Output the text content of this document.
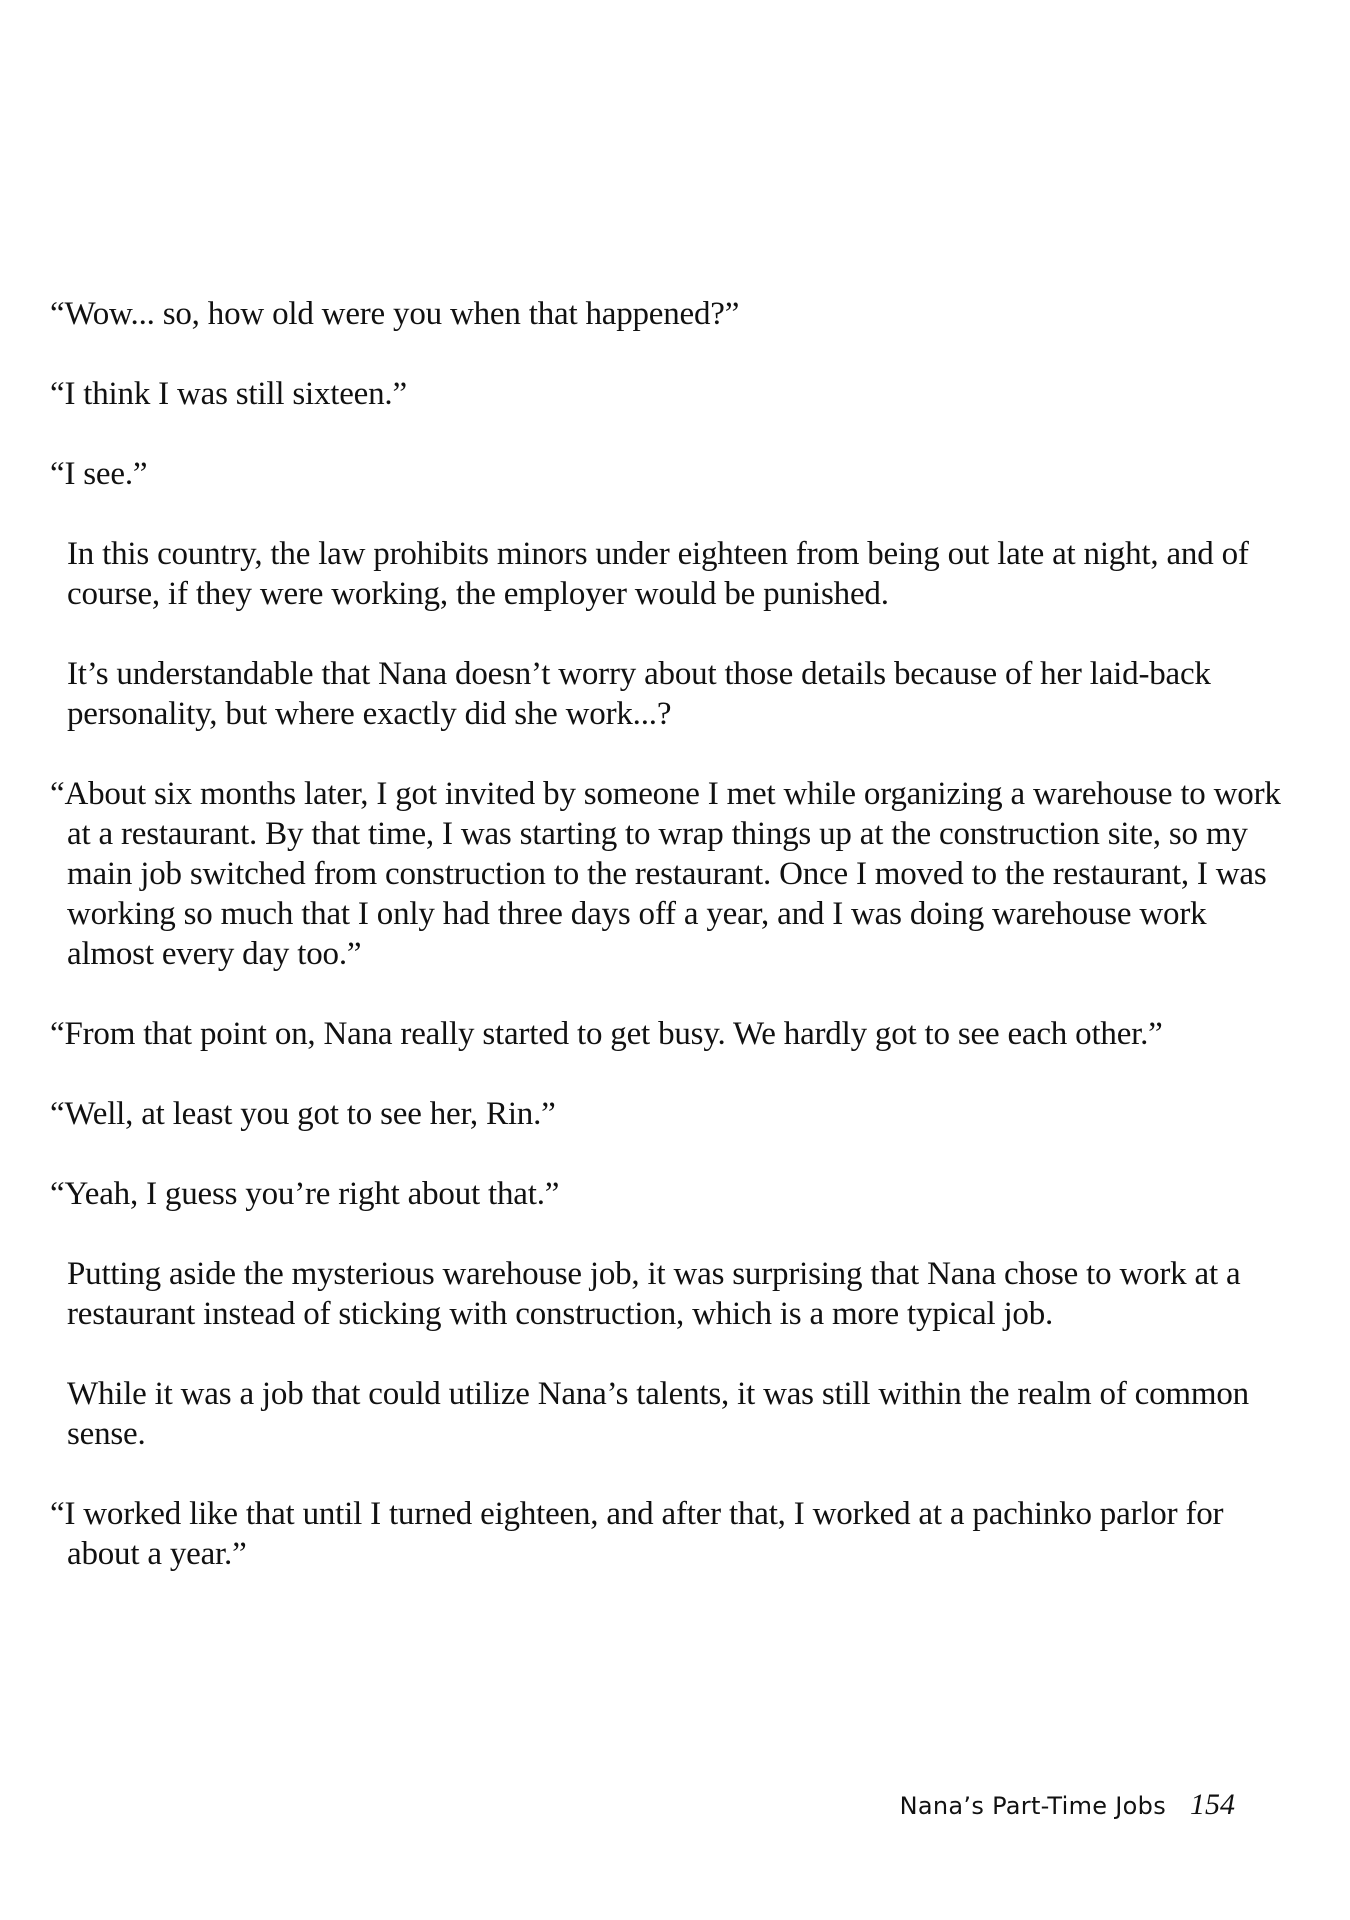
“Wow... so, how old were you when that happened?”

“I think I was still sixteen.”

“I see.”

In this country, the law prohibits minors under eighteen from being out late at night, and of course, if they were working, the employer would be punished.

It’s understandable that Nana doesn’t worry about those details because of her laid-back personality, but where exactly did she work...?

“About six months later, I got invited by someone I met while organizing a warehouse to work at a restaurant. By that time, I was starting to wrap things up at the construction site, so my main job switched from construction to the restaurant. Once I moved to the restaurant, I was working so much that I only had three days off a year, and I was doing warehouse work almost every day too.”

“From that point on, Nana really started to get busy. We hardly got to see each other.”

“Well, at least you got to see her, Rin.”

“Yeah, I guess you’re right about that.”

Putting aside the mysterious warehouse job, it was surprising that Nana chose to work at a restaurant instead of sticking with construction, which is a more typical job.

While it was a job that could utilize Nana’s talents, it was still within the realm of common sense.

“I worked like that until I turned eighteen, and after that, I worked at a pachinko parlor for about a year.”

Nana’s Part-Time Jobs 154
